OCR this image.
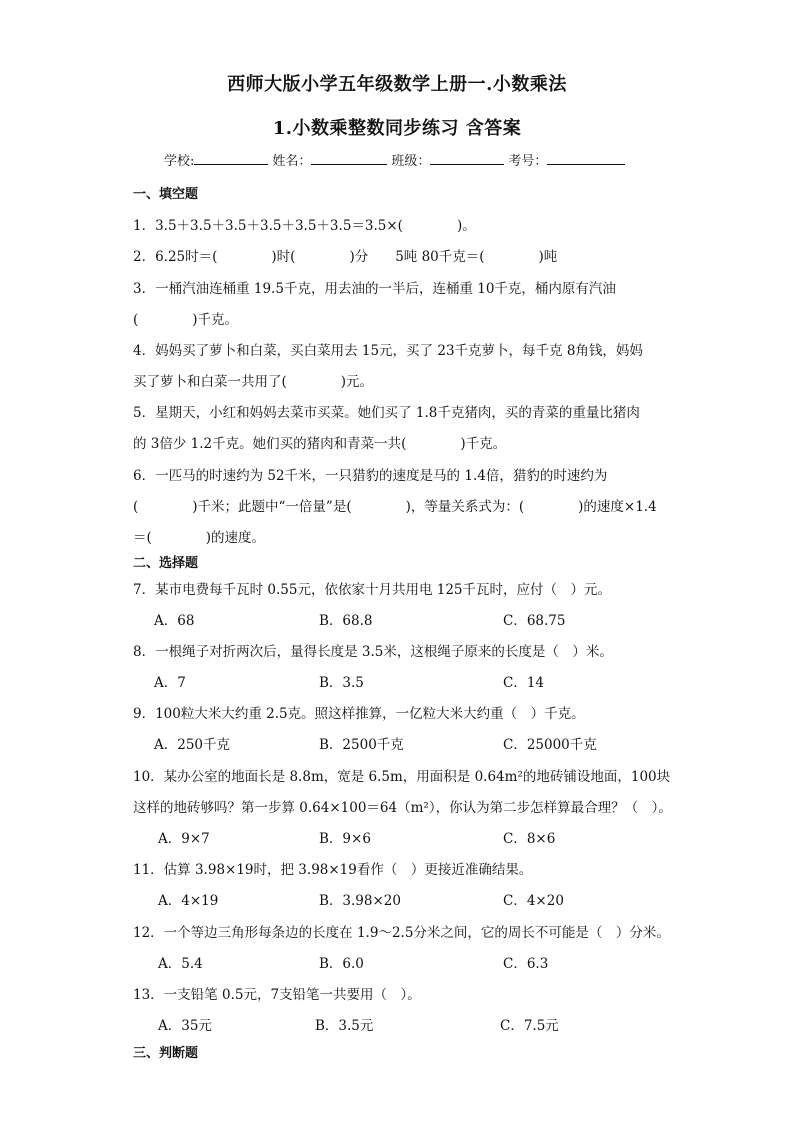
西师大版小学五年级数学上册一.小数乘法
1.小数乘整数同步练习 含答案
学校:	姓名：	班级：	考号：
一、填空题
1．3.5＋3.5＋3.5＋3.5＋3.5＋3.5＝3.5×(　　　　)。
2．6.25时＝(　　　　)时(　　　　)分　　5吨 80千克＝(　　　　)吨
3．一桶汽油连桶重 19.5千克，用去油的一半后，连桶重 10千克，桶内原有汽油
(　　　　)千克。
4．妈妈买了萝卜和白菜，买白菜用去 15元，买了 23千克萝卜，每千克 8角钱，妈妈
买了萝卜和白菜一共用了(　　　　)元。
5．星期天，小红和妈妈去菜市买菜。她们买了 1.8千克猪肉，买的青菜的重量比猪肉
的 3倍少 1.2千克。她们买的猪肉和青菜一共(　　　　)千克。
6．一匹马的时速约为 52千米，一只猎豹的速度是马的 1.4倍，猎豹的时速约为
(　　　　)千米；此题中“一倍量”是(　　　　)，等量关系式为：(　　　　)的速度×1.4
＝(　　　　)的速度。
二、选择题
7．某市电费每千瓦时 0.55元，依依家十月共用电 125千瓦时，应付（　）元。
A．68	B．68.8	C．68.75
8．一根绳子对折两次后，量得长度是 3.5米，这根绳子原来的长度是（　）米。
A．7	B．3.5	C．14
9．100粒大米大约重 2.5克。照这样推算，一亿粒大米大约重（　）千克。
A．250千克	B．2500千克	C．25000千克
10．某办公室的地面长是 8.8m，宽是 6.5m，用面积是 0.64m²的地砖铺设地面，100块
这样的地砖够吗？第一步算 0.64×100＝64（m²），你认为第二步怎样算最合理？（　）。
A．9×7	B．9×6	C．8×6
11．估算 3.98×19时，把 3.98×19看作（　）更接近准确结果。
A．4×19	B．3.98×20	C．4×20
12．一个等边三角形每条边的长度在 1.9～2.5分米之间，它的周长不可能是（　）分米。
A．5.4	B．6.0	C．6.3
13．一支铅笔 0.5元，7支铅笔一共要用（　）。
A．35元	B．3.5元	C．7.5元
三、判断题
